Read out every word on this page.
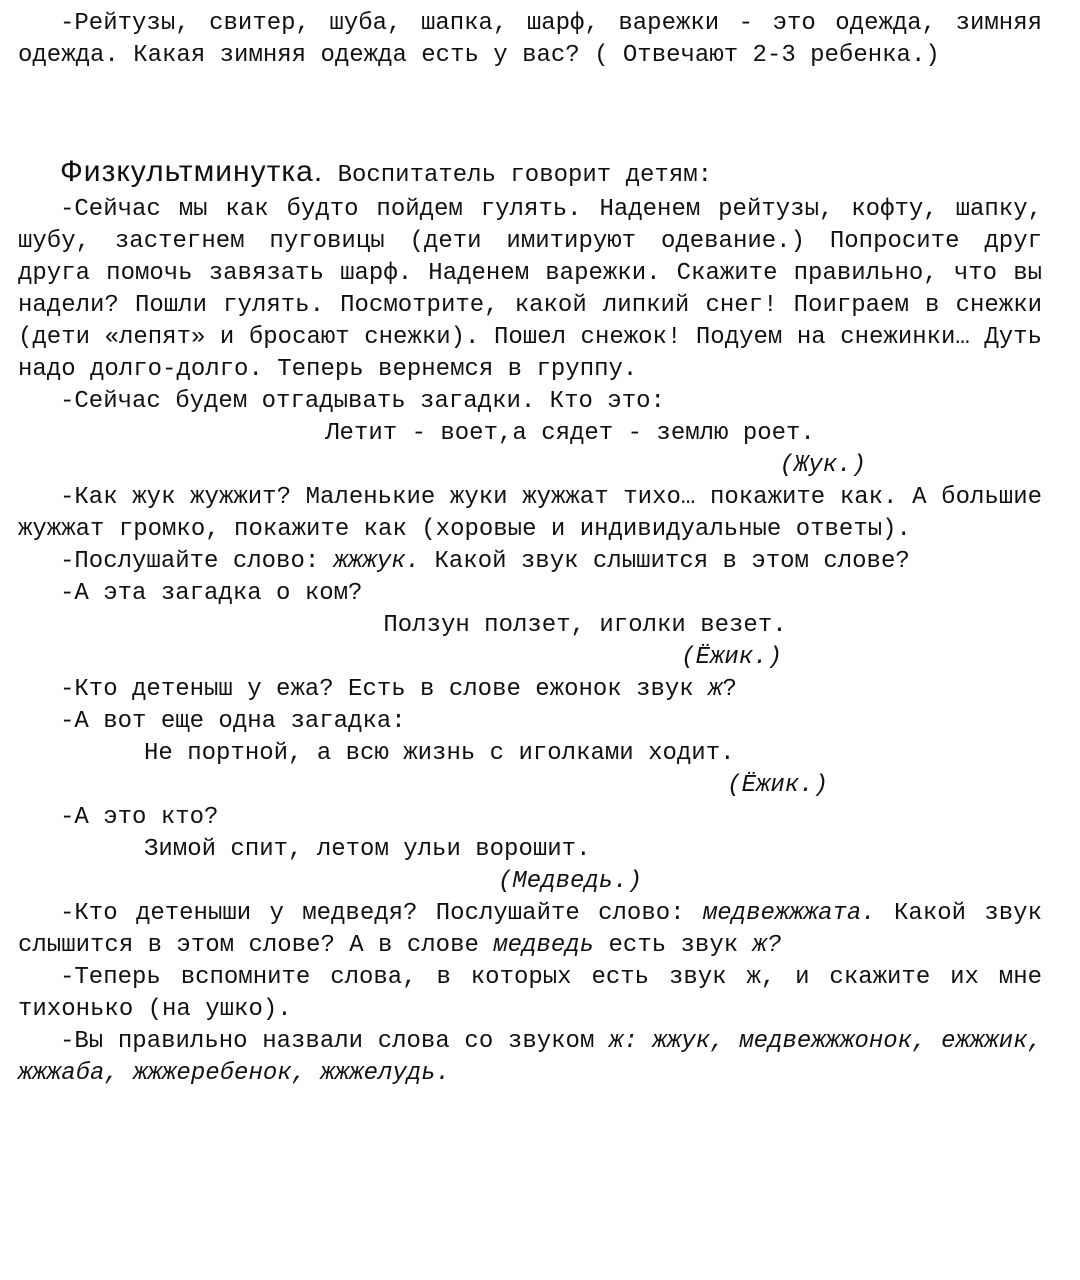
-Рейтузы, свитер, шуба, шапка, шарф, варежки - это одежда, зимняя одежда. Какая зимняя одежда есть у вас? ( Отвечают 2-3 ребенка.)

Физкультминутка. Воспитатель говорит детям:

-Сейчас мы как будто пойдем гулять. Наденем рейтузы, кофту, шапку, шубу, застегнем пуговицы (дети имитируют одевание.) Попросите друг друга помочь завязать шарф. Наденем варежки. Скажите правильно, что вы надели? Пошли гулять. Посмотрите, какой липкий снег! Поиграем в снежки (дети «лепят» и бросают снежки). Пошел снежок! Подуем на снежинки… Дуть надо долго-долго. Теперь вернемся в группу.

-Сейчас будем отгадывать загадки. Кто это:

Летит - воет,а сядет - землю роет.

(Жук.)

-Как жук жужжит? Маленькие жуки жужжат тихо… покажите как. А большие жужжат громко, покажите как (хоровые и индивидуальные ответы).

-Послушайте слово: жжжук. Какой звук слышится в этом слове?

-А эта загадка о ком?

Ползун ползет, иголки везет.

(Ёжик.)

-Кто детеныш у ежа? Есть в слове ежонок звук ж?

-А вот еще одна загадка:

Не портной, а всю жизнь с иголками ходит.

(Ёжик.)

-А это кто?

Зимой спит, летом ульи ворошит.

(Медведь.)

-Кто детеныши у медведя? Послушайте слово: медвежжжата. Какой звук слышится в этом слове? А в слове медведь есть звук ж?

-Теперь вспомните слова, в которых есть звук ж, и скажите их мне тихонько (на ушко).

-Вы правильно назвали слова со звуком ж: жжук, медвежжжонок, ежжжик, жжжаба, жжжеребенок, жжжелудь.
